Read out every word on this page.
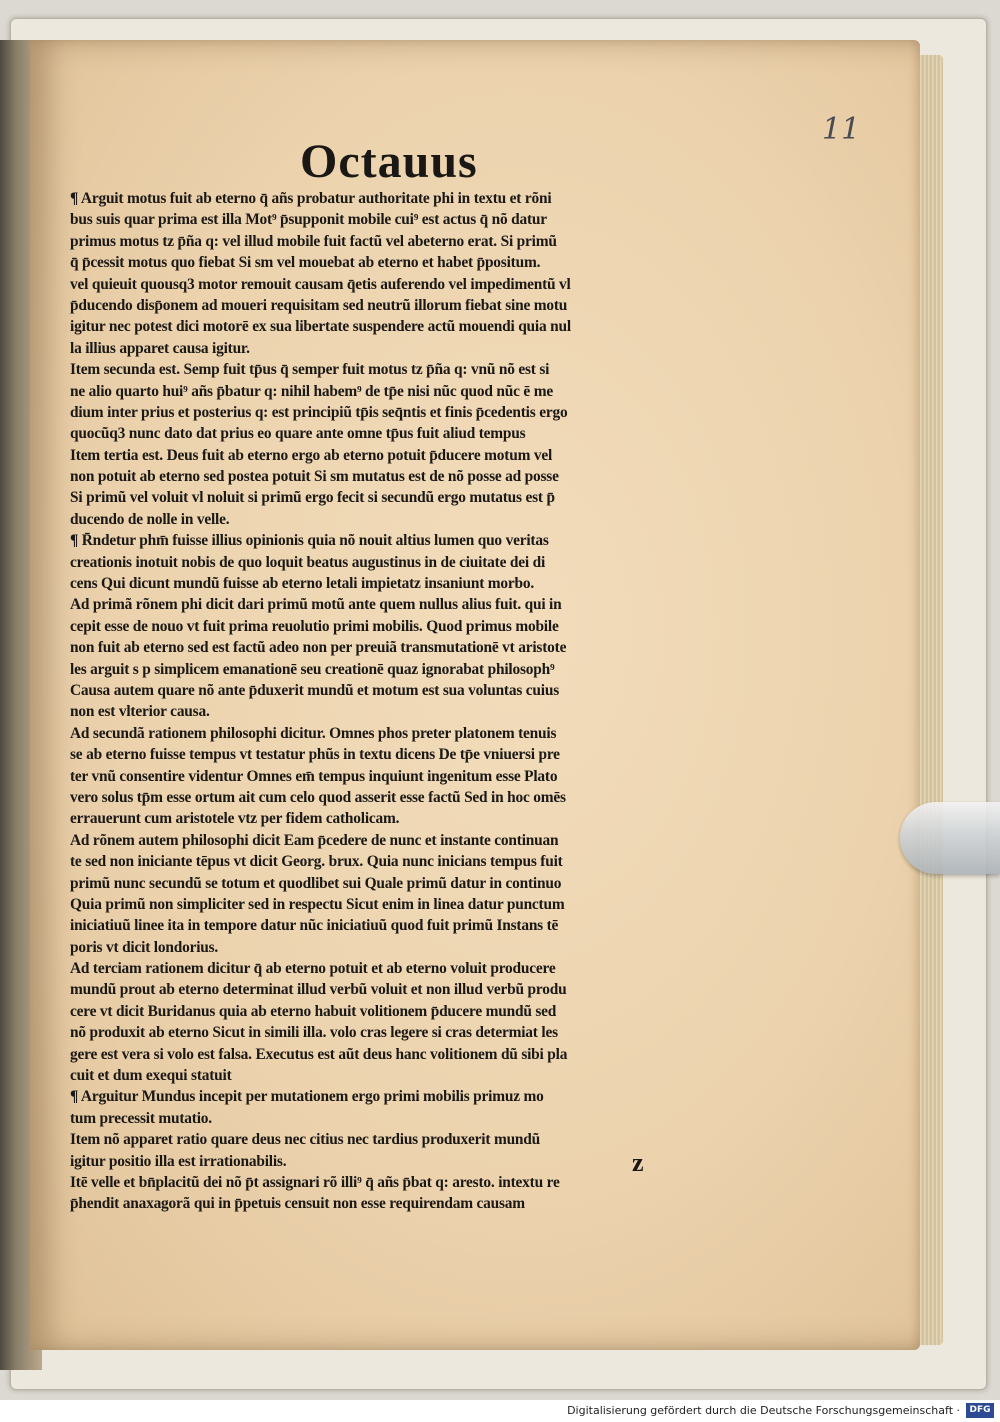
11
Octauus
¶ Arguit motus fuit ab eterno q̄ añs probatur authoritate phi in textu et rõni
bus suis quar prima est illa Mot⁹ p̄supponit mobile cui⁹ est actus q̄ nõ datur
primus motus tz p̄ña q: vel illud mobile fuit factũ vel abeterno erat. Si primũ
q̄ p̄cessit motus quo fiebat Si sm vel mouebat ab eterno et habet p̄positum.
vel quieuit quousq3 motor remouit causam q̄etis auferendo vel impedimentũ vl
p̄ducendo disp̄onem ad moueri requisitam sed neutrũ illorum fiebat sine motu
igitur nec potest dici motorē ex sua libertate suspendere actũ mouendi quia nul
la illius apparet causa igitur.
Item secunda est. Semp fuit tp̄us q̄ semper fuit motus tz p̄ña q: vnũ nõ est si
ne alio quarto hui⁹ añs p̄batur q: nihil habem⁹ de tp̄e nisi nũc quod nũc ē me
dium inter prius et posterius q: est principiũ tp̄is seq̄ntis et finis p̄cedentis ergo
quocũq3 nunc dato dat prius eo quare ante omne tp̄us fuit aliud tempus
Item tertia est. Deus fuit ab eterno ergo ab eterno potuit p̄ducere motum vel
non potuit ab eterno sed postea potuit Si sm mutatus est de nõ posse ad posse
Si primũ vel voluit vl noluit si primũ ergo fecit si secundũ ergo mutatus est p̄
ducendo de nolle in velle.
¶ R̄ndetur phm̄ fuisse illius opinionis quia nõ nouit altius lumen quo veritas
creationis inotuit nobis de quo loquit beatus augustinus in de ciuitate dei di
cens Qui dicunt mundũ fuisse ab eterno letali impietatz insaniunt morbo.
Ad primã rõnem phi dicit dari primũ motũ ante quem nullus alius fuit. qui in
cepit esse de nouo vt fuit prima reuolutio primi mobilis. Quod primus mobile
non fuit ab eterno sed est factũ adeo non per preuiã transmutationē vt aristote
les arguit s p simplicem emanationē seu creationē quaz ignorabat philosoph⁹
Causa autem quare nõ ante p̄duxerit mundũ et motum est sua voluntas cuius
non est vlterior causa.
Ad secundã rationem philosophi dicitur. Omnes phos preter platonem tenuis
se ab eterno fuisse tempus vt testatur phũs in textu dicens De tp̄e vniuersi pre
ter vnũ consentire videntur Omnes em̄ tempus inquiunt ingenitum esse Plato
vero solus tp̄m esse ortum ait cum celo quod asserit esse factũ Sed in hoc omēs
errauerunt cum aristotele vtz per fidem catholicam.
Ad rõnem autem philosophi dicit Eam p̄cedere de nunc et instante continuan
te sed non iniciante tēpus vt dicit Georg. brux. Quia nunc inicians tempus fuit
primũ nunc secundũ se totum et quodlibet sui Quale primũ datur in continuo
Quia primũ non simpliciter sed in respectu Sicut enim in linea datur punctum
iniciatiuũ linee ita in tempore datur nũc iniciatiuũ quod fuit primũ Instans tē
poris vt dicit londorius.
Ad terciam rationem dicitur q̄ ab eterno potuit et ab eterno voluit producere
mundũ prout ab eterno determinat illud verbũ voluit et non illud verbũ produ
cere vt dicit Buridanus quia ab eterno habuit volitionem p̄ducere mundũ sed
nõ produxit ab eterno Sicut in simili illa. volo cras legere si cras determiat les
gere est vera si volo est falsa. Executus est aũt deus hanc volitionem dũ sibi pla
cuit et dum exequi statuit
¶ Arguitur Mundus incepit per mutationem ergo primi mobilis primuz mo
tum precessit mutatio.
Item nõ apparet ratio quare deus nec citius nec tardius produxerit mundũ
igitur positio illa est irrationabilis.
Itē velle et bn̄placitũ dei nõ p̄t assignari rõ illi⁹ q̄ añs p̄bat q: aresto. intextu re
p̄hendit anaxagorã qui in p̄petuis censuit non esse requirendam causam
z
Digitalisierung gefördert durch die Deutsche Forschungsgemeinschaft ·	DFG
